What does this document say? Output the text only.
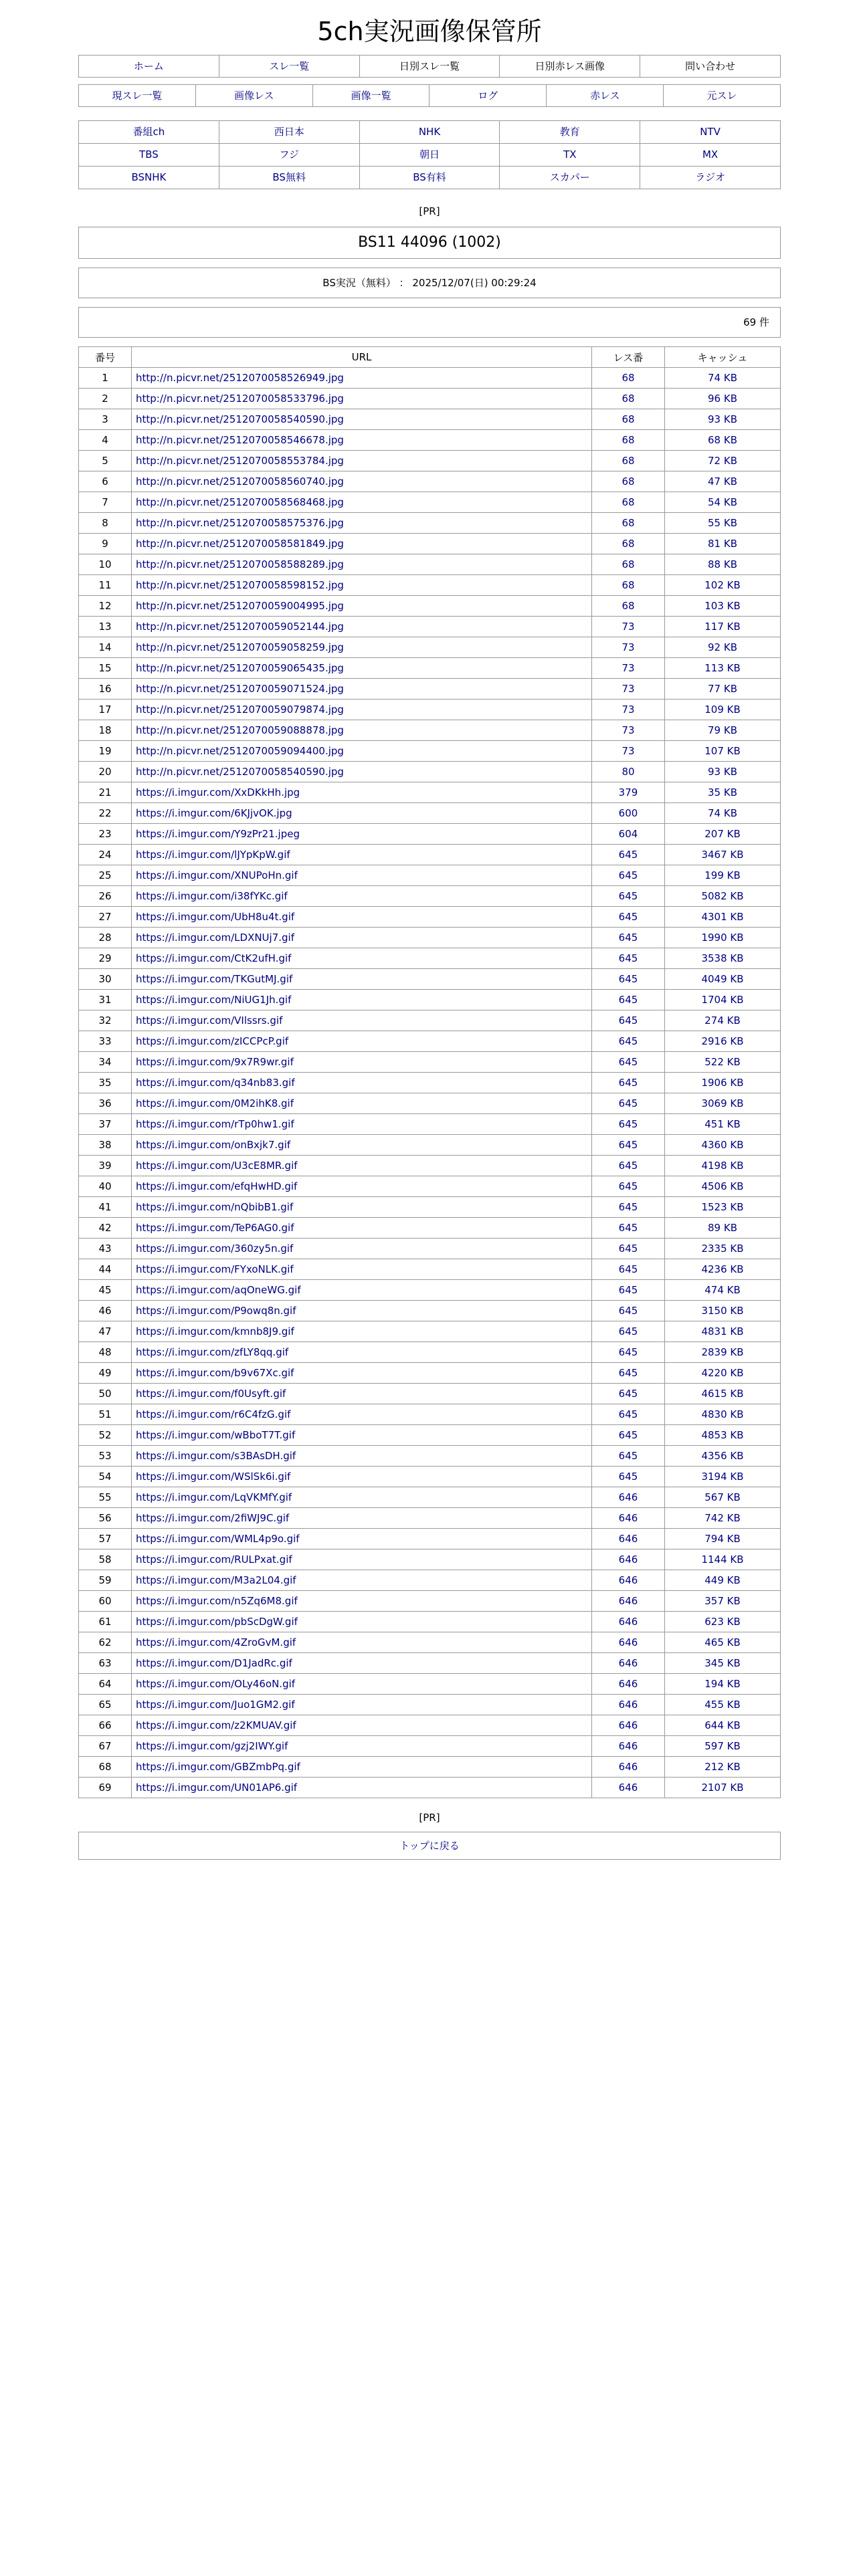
5ch実況画像保管所
ホーム	スレ一覧	日別スレ一覧	日別赤レス画像	問い合わせ
現スレ一覧	画像レス	画像一覧	ログ	赤レス	元スレ
番組ch	西日本	NHK	教育	NTV
TBS	フジ	朝日	TX	MX
BSNHK	BS無料	BS有料	スカパー	ラジオ
[PR]
BS11 44096 (1002)
BS実況（無料） ： 2025/12/07(日) 00:29:24
69 件
番号	URL	レス番	キャッシュ
1	http://n.picvr.net/2512070058526949.jpg	68	74 KB
2	http://n.picvr.net/2512070058533796.jpg	68	96 KB
3	http://n.picvr.net/2512070058540590.jpg	68	93 KB
4	http://n.picvr.net/2512070058546678.jpg	68	68 KB
5	http://n.picvr.net/2512070058553784.jpg	68	72 KB
6	http://n.picvr.net/2512070058560740.jpg	68	47 KB
7	http://n.picvr.net/2512070058568468.jpg	68	54 KB
8	http://n.picvr.net/2512070058575376.jpg	68	55 KB
9	http://n.picvr.net/2512070058581849.jpg	68	81 KB
10	http://n.picvr.net/2512070058588289.jpg	68	88 KB
11	http://n.picvr.net/2512070058598152.jpg	68	102 KB
12	http://n.picvr.net/2512070059004995.jpg	68	103 KB
13	http://n.picvr.net/2512070059052144.jpg	73	117 KB
14	http://n.picvr.net/2512070059058259.jpg	73	92 KB
15	http://n.picvr.net/2512070059065435.jpg	73	113 KB
16	http://n.picvr.net/2512070059071524.jpg	73	77 KB
17	http://n.picvr.net/2512070059079874.jpg	73	109 KB
18	http://n.picvr.net/2512070059088878.jpg	73	79 KB
19	http://n.picvr.net/2512070059094400.jpg	73	107 KB
20	http://n.picvr.net/2512070058540590.jpg	80	93 KB
21	https://i.imgur.com/XxDKkHh.jpg	379	35 KB
22	https://i.imgur.com/6KJjvOK.jpg	600	74 KB
23	https://i.imgur.com/Y9zPr21.jpeg	604	207 KB
24	https://i.imgur.com/lJYpKpW.gif	645	3467 KB
25	https://i.imgur.com/XNUPoHn.gif	645	199 KB
26	https://i.imgur.com/i38fYKc.gif	645	5082 KB
27	https://i.imgur.com/UbH8u4t.gif	645	4301 KB
28	https://i.imgur.com/LDXNUj7.gif	645	1990 KB
29	https://i.imgur.com/CtK2ufH.gif	645	3538 KB
30	https://i.imgur.com/TKGutMJ.gif	645	4049 KB
31	https://i.imgur.com/NiUG1Jh.gif	645	1704 KB
32	https://i.imgur.com/VIlssrs.gif	645	274 KB
33	https://i.imgur.com/zICCPcP.gif	645	2916 KB
34	https://i.imgur.com/9x7R9wr.gif	645	522 KB
35	https://i.imgur.com/q34nb83.gif	645	1906 KB
36	https://i.imgur.com/0M2ihK8.gif	645	3069 KB
37	https://i.imgur.com/rTp0hw1.gif	645	451 KB
38	https://i.imgur.com/onBxjk7.gif	645	4360 KB
39	https://i.imgur.com/U3cE8MR.gif	645	4198 KB
40	https://i.imgur.com/efqHwHD.gif	645	4506 KB
41	https://i.imgur.com/nQbibB1.gif	645	1523 KB
42	https://i.imgur.com/TeP6AG0.gif	645	89 KB
43	https://i.imgur.com/360zy5n.gif	645	2335 KB
44	https://i.imgur.com/FYxoNLK.gif	645	4236 KB
45	https://i.imgur.com/aqOneWG.gif	645	474 KB
46	https://i.imgur.com/P9owq8n.gif	645	3150 KB
47	https://i.imgur.com/kmnb8J9.gif	645	4831 KB
48	https://i.imgur.com/zfLY8qq.gif	645	2839 KB
49	https://i.imgur.com/b9v67Xc.gif	645	4220 KB
50	https://i.imgur.com/f0Usyft.gif	645	4615 KB
51	https://i.imgur.com/r6C4fzG.gif	645	4830 KB
52	https://i.imgur.com/wBboT7T.gif	645	4853 KB
53	https://i.imgur.com/s3BAsDH.gif	645	4356 KB
54	https://i.imgur.com/WSlSk6i.gif	645	3194 KB
55	https://i.imgur.com/LqVKMfY.gif	646	567 KB
56	https://i.imgur.com/2fiWJ9C.gif	646	742 KB
57	https://i.imgur.com/WML4p9o.gif	646	794 KB
58	https://i.imgur.com/RULPxat.gif	646	1144 KB
59	https://i.imgur.com/M3a2L04.gif	646	449 KB
60	https://i.imgur.com/n5Zq6M8.gif	646	357 KB
61	https://i.imgur.com/pbScDgW.gif	646	623 KB
62	https://i.imgur.com/4ZroGvM.gif	646	465 KB
63	https://i.imgur.com/D1JadRc.gif	646	345 KB
64	https://i.imgur.com/OLy46oN.gif	646	194 KB
65	https://i.imgur.com/Juo1GM2.gif	646	455 KB
66	https://i.imgur.com/z2KMUAV.gif	646	644 KB
67	https://i.imgur.com/gzj2IWY.gif	646	597 KB
68	https://i.imgur.com/GBZmbPq.gif	646	212 KB
69	https://i.imgur.com/UN01AP6.gif	646	2107 KB
[PR]
トップに戻る
